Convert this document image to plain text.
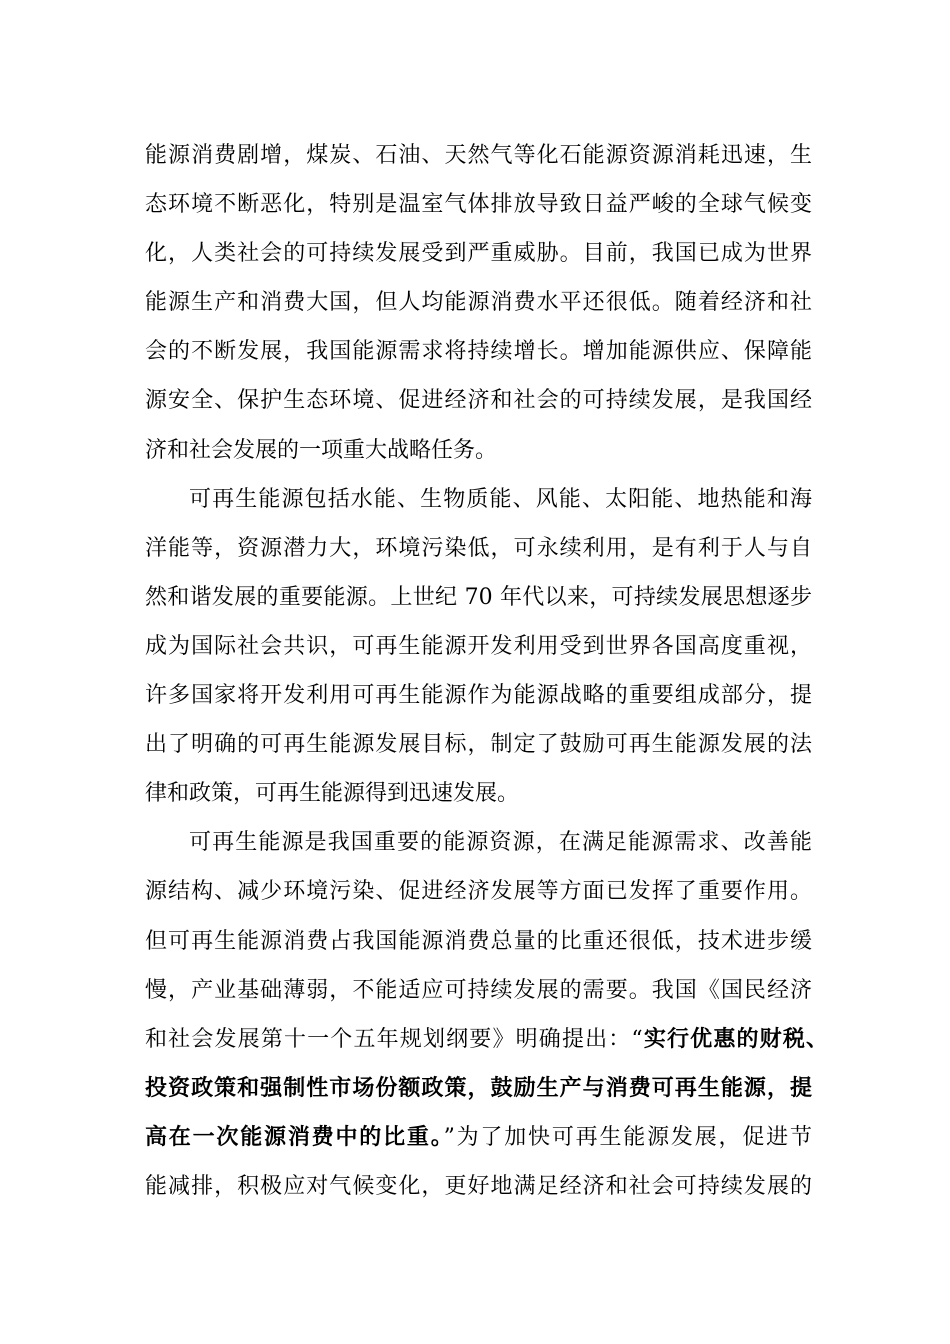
能源消费剧增，煤炭、石油、天然气等化石能源资源消耗迅速，生
态环境不断恶化，特别是温室气体排放导致日益严峻的全球气候变
化，人类社会的可持续发展受到严重威胁。目前，我国已成为世界
能源生产和消费大国，但人均能源消费水平还很低。随着经济和社
会的不断发展，我国能源需求将持续增长。增加能源供应、保障能
源安全、保护生态环境、促进经济和社会的可持续发展，是我国经
济和社会发展的一项重大战略任务。
可再生能源包括水能、生物质能、风能、太阳能、地热能和海
洋能等，资源潜力大，环境污染低，可永续利用，是有利于人与自
然和谐发展的重要能源。上世纪 70 年代以来，可持续发展思想逐步
成为国际社会共识，可再生能源开发利用受到世界各国高度重视，
许多国家将开发利用可再生能源作为能源战略的重要组成部分，提
出了明确的可再生能源发展目标，制定了鼓励可再生能源发展的法
律和政策，可再生能源得到迅速发展。
可再生能源是我国重要的能源资源，在满足能源需求、改善能
源结构、减少环境污染、促进经济发展等方面已发挥了重要作用。
但可再生能源消费占我国能源消费总量的比重还很低，技术进步缓
慢，产业基础薄弱，不能适应可持续发展的需要。我国《国民经济
和社会发展第十一个五年规划纲要》明确提出：“实行优惠的财税、
投资政策和强制性市场份额政策，鼓励生产与消费可再生能源，提
高在一次能源消费中的比重。”为了加快可再生能源发展，促进节
能减排，积极应对气候变化，更好地满足经济和社会可持续发展的
